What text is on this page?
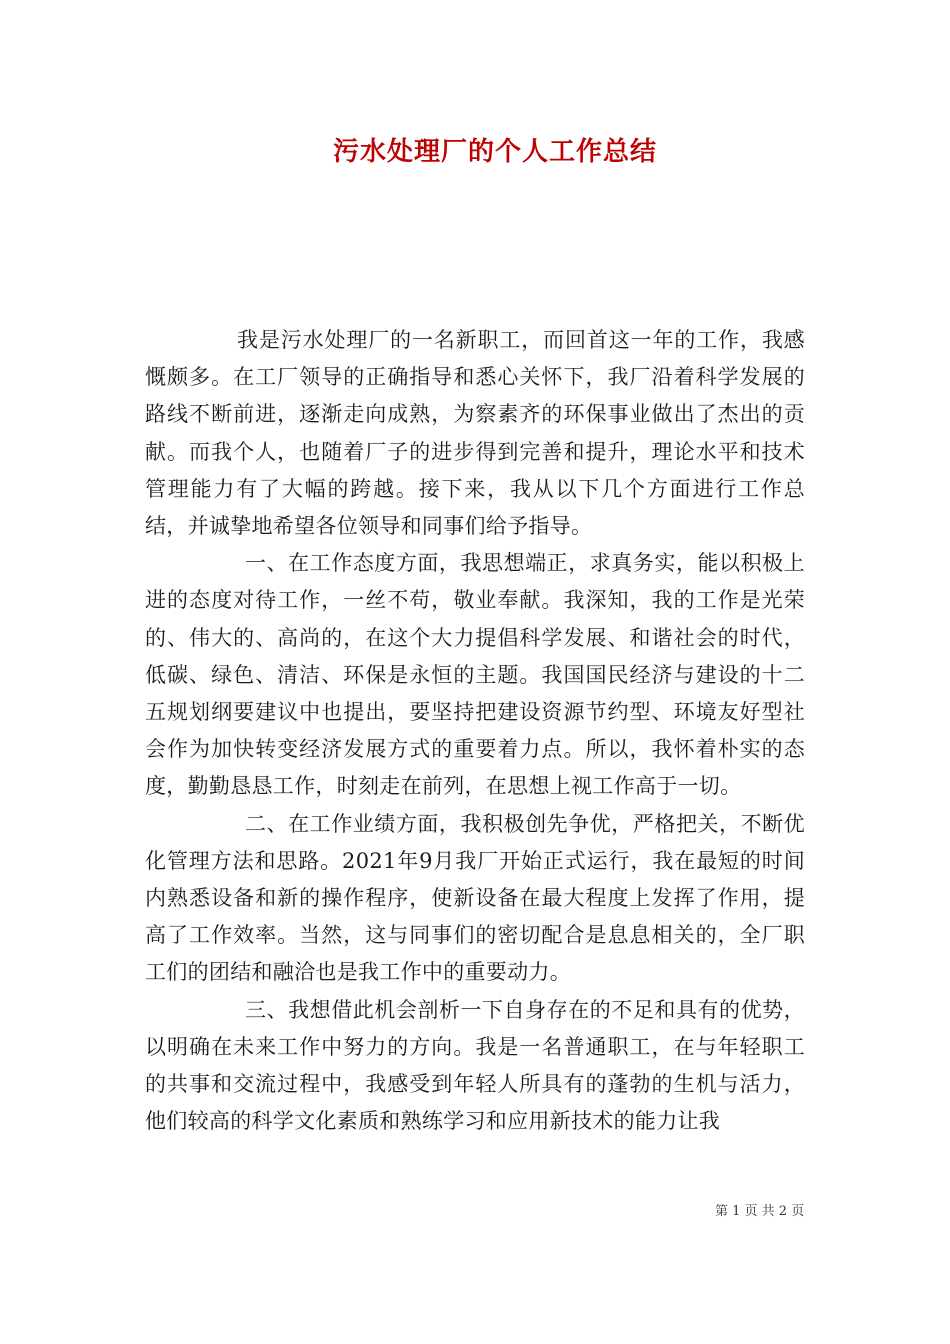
污水处理厂的个人工作总结

我是污水处理厂的一名新职工，而回首这一年的工作，我感慨颇多。在工厂领导的正确指导和悉心关怀下，我厂沿着科学发展的路线不断前进，逐渐走向成熟，为察素齐的环保事业做出了杰出的贡献。而我个人，也随着厂子的进步得到完善和提升，理论水平和技术管理能力有了大幅的跨越。接下来，我从以下几个方面进行工作总结，并诚挚地希望各位领导和同事们给予指导。

一、在工作态度方面，我思想端正，求真务实，能以积极上进的态度对待工作，一丝不苟，敬业奉献。我深知，我的工作是光荣的、伟大的、高尚的，在这个大力提倡科学发展、和谐社会的时代，低碳、绿色、清洁、环保是永恒的主题。我国国民经济与建设的十二五规划纲要建议中也提出，要坚持把建设资源节约型、环境友好型社会作为加快转变经济发展方式的重要着力点。所以，我怀着朴实的态度，勤勤恳恳工作，时刻走在前列，在思想上视工作高于一切。

二、在工作业绩方面，我积极创先争优，严格把关，不断优化管理方法和思路。2021年9月我厂开始正式运行，我在最短的时间内熟悉设备和新的操作程序，使新设备在最大程度上发挥了作用，提高了工作效率。当然，这与同事们的密切配合是息息相关的，全厂职工们的团结和融洽也是我工作中的重要动力。

三、我想借此机会剖析一下自身存在的不足和具有的优势，以明确在未来工作中努力的方向。我是一名普通职工，在与年轻职工的共事和交流过程中，我感受到年轻人所具有的蓬勃的生机与活力，他们较高的科学文化素质和熟练学习和应用新技术的能力让我

第 1 页 共 2 页
